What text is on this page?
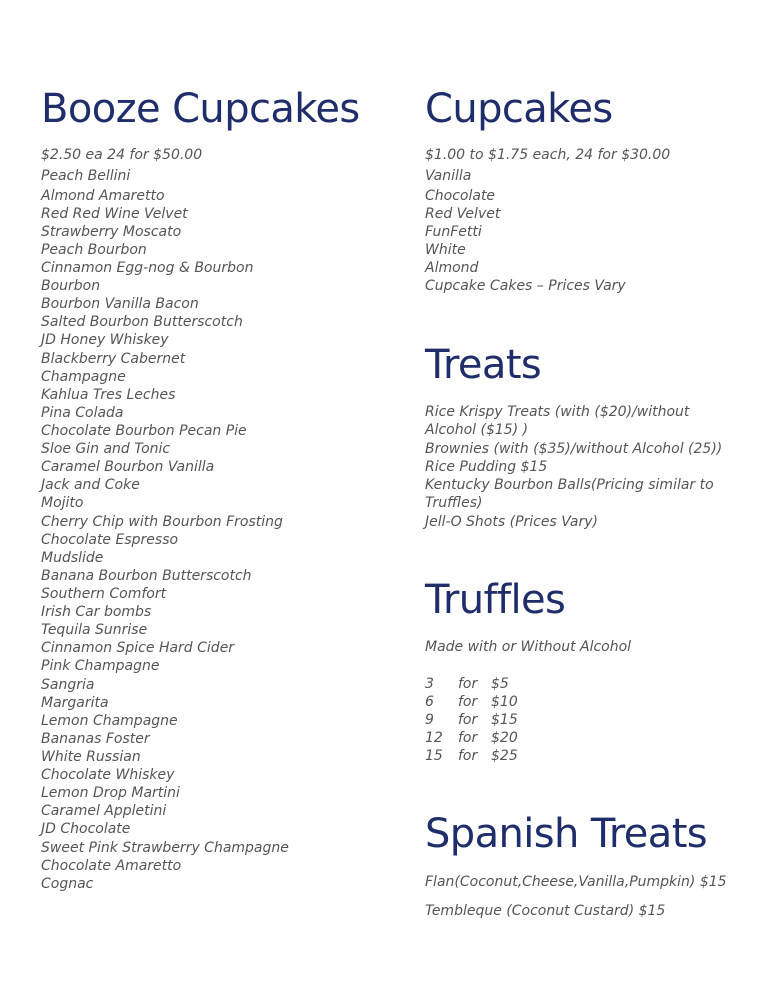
Booze Cupcakes
$2.50 ea 24 for $50.00
Peach Bellini
Almond Amaretto
Red Red Wine Velvet
Strawberry Moscato
Peach Bourbon
Cinnamon Egg-nog & Bourbon
Bourbon
Bourbon Vanilla Bacon
Salted Bourbon Butterscotch
JD Honey Whiskey
Blackberry Cabernet
Champagne
Kahlua Tres Leches
Pina Colada
Chocolate Bourbon Pecan Pie
Sloe Gin and Tonic
Caramel Bourbon Vanilla
Jack and Coke
Mojito
Cherry Chip with Bourbon Frosting
Chocolate Espresso
Mudslide
Banana Bourbon Butterscotch
Southern Comfort
Irish Car bombs
Tequila Sunrise
Cinnamon Spice Hard Cider
Pink Champagne
Sangria
Margarita
Lemon Champagne
Bananas Foster
White Russian
Chocolate Whiskey
Lemon Drop Martini
Caramel Appletini
JD Chocolate
Sweet Pink Strawberry Champagne
Chocolate Amaretto
Cognac
Cupcakes
$1.00 to $1.75 each, 24 for $30.00
Vanilla
Chocolate
Red Velvet
FunFetti
White
Almond
Cupcake Cakes – Prices Vary
Treats
Rice Krispy Treats (with ($20)/without Alcohol ($15) )
Brownies (with ($35)/without Alcohol (25))
Rice Pudding $15
Kentucky Bourbon Balls(Pricing similar to Truffles)
Jell-O Shots (Prices Vary)
Truffles
Made with or Without Alcohol
3 for $5
6 for $10
9 for $15
12 for $20
15 for $25
Spanish Treats
Flan(Coconut,Cheese,Vanilla,Pumpkin) $15
Tembleque (Coconut Custard) $15
